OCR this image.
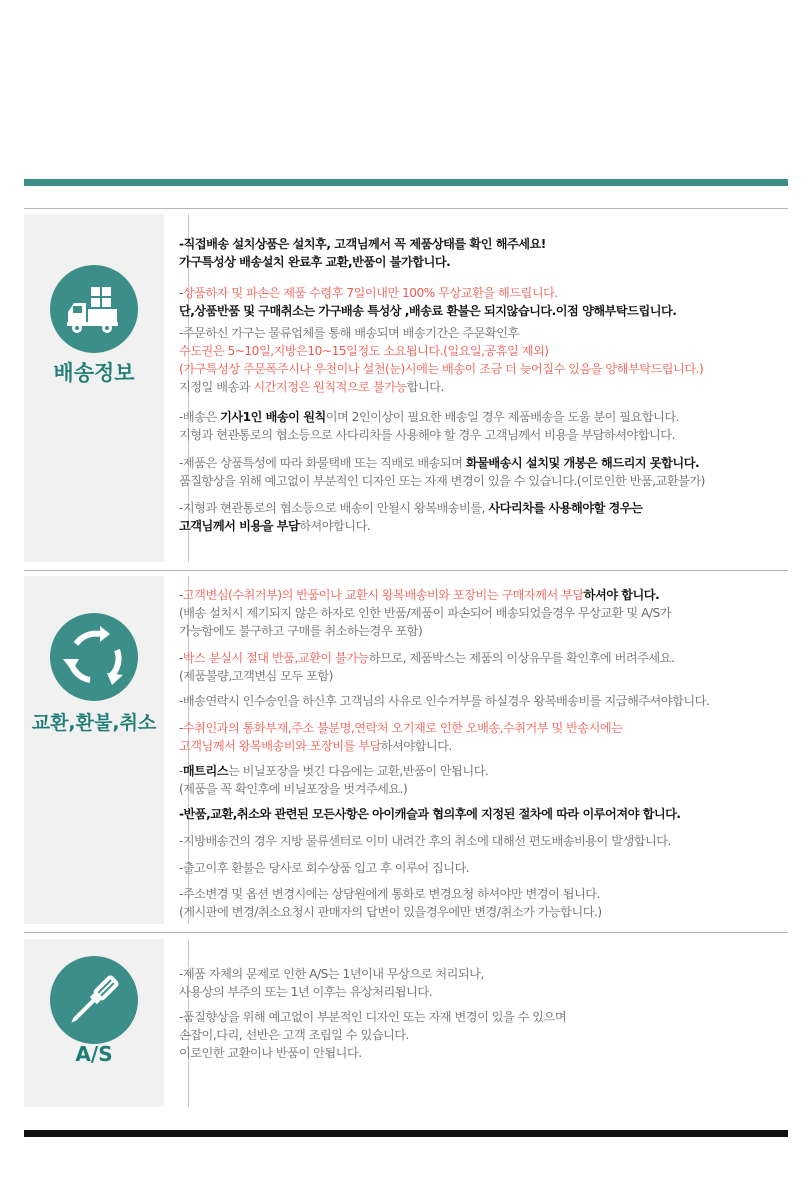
배송정보
-직접배송 설치상품은 설치후, 고객님께서 꼭 제품상태를 확인 해주세요!
가구특성상 배송설치 완료후 교환,반품이 불가합니다.
-상품하자 및 파손은 제품 수령후 7일이내만 100% 무상교환을 해드립니다.
단,상품반품 및 구매취소는 가구배송 특성상 ,배송료 환불은 되지않습니다.이점 양해부탁드립니다.
-주문하신 가구는 물류업체를 통해 배송되며 배송기간은 주문확인후
수도권은 5~10일,지방은10~15일정도 소요됩니다.(일요일,공휴일 제외)
(가구특성상 주문폭주시나 우천이나 설천(눈)시에는 배송이 조금 더 늦어질수 있음을 양해부탁드립니다.)
지정일 배송과 시간지정은 원칙적으로 불가능합니다.
-배송은 기사1인 배송이 원칙이며 2인이상이 필요한 배송일 경우 제품배송을 도울 분이 필요합니다.
지형과 현관통로의 협소등으로 사다리차를 사용해야 할 경우 고객님께서 비용을 부담하셔야합니다.
-제품은 상품특성에 따라 화물택배 또는 직배로 배송되며 화물배송시 설치및 개봉은 해드리지 못합니다.
품질향상을 위해 예고없이 부분적인 디자인 또는 자재 변경이 있을 수 있습니다.(이로인한 반품,교환불가)
-지형과 현관통로의 협소등으로 배송이 안될시 왕복배송비를, 사다리차를 사용해야할 경우는
고객님께서 비용을 부담하셔야합니다.
교환,환불,취소
-고객변심(수취거부)의 반품이나 교환시 왕복배송비와 포장비는 구매자께서 부담하셔야 합니다.
(배송 설치시 제기되지 않은 하자로 인한 반품/제품이 파손되어 배송되었을경우 무상교환 및 A/S가
가능함에도 불구하고 구매를 취소하는경우 포함)
-박스 분실시 절대 반품,교환이 불가능하므로, 제품박스는 제품의 이상유무를 확인후에 버려주세요.
(제품불량,고객변심 모두 포함)
-배송연락시 인수승인을 하신후 고객님의 사유로 인수거부를 하실경우 왕복배송비를 지급해주셔야합니다.
-수취인과의 통화부재,주소 불분명,연락처 오기재로 인한 오배송,수취거부 및 반송시에는
고객님께서 왕복배송비와 포장비를 부담하셔야합니다.
-매트리스는 비닐포장을 벗긴 다음에는 교환,반품이 안됩니다.
(제품을 꼭 확인후에 비닐포장을 벗겨주세요.)
-반품,교환,취소와 관련된 모든사항은 아이캐슬과 협의후에 지정된 절차에 따라 이루어져야 합니다.
-지방배송건의 경우 지방 물류센터로 이미 내려간 후의 취소에 대해선 편도배송비용이 발생합니다.
-출고이후 환불은 당사로 회수상품 입고 후 이루어 집니다.
-주소변경 및 옵션 변경시에는 상담원에게 통화로 변경요청 하셔야만 변경이 됩니다.
(게시판에 변경/취소요청시 판매자의 답변이 있을경우에만 변경/취소가 가능합니다.)
A/S
-제품 자체의 문제로 인한 A/S는 1년이내 무상으로 처리되나,
사용상의 부주의 또는 1년 이후는 유상처리됩니다.
-품질향상을 위해 예고없이 부분적인 디자인 또는 자재 변경이 있을 수 있으며
손잡이,다리, 선반은 고객 조립일 수 있습니다.
이로인한 교환이나 반품이 안됩니다.
